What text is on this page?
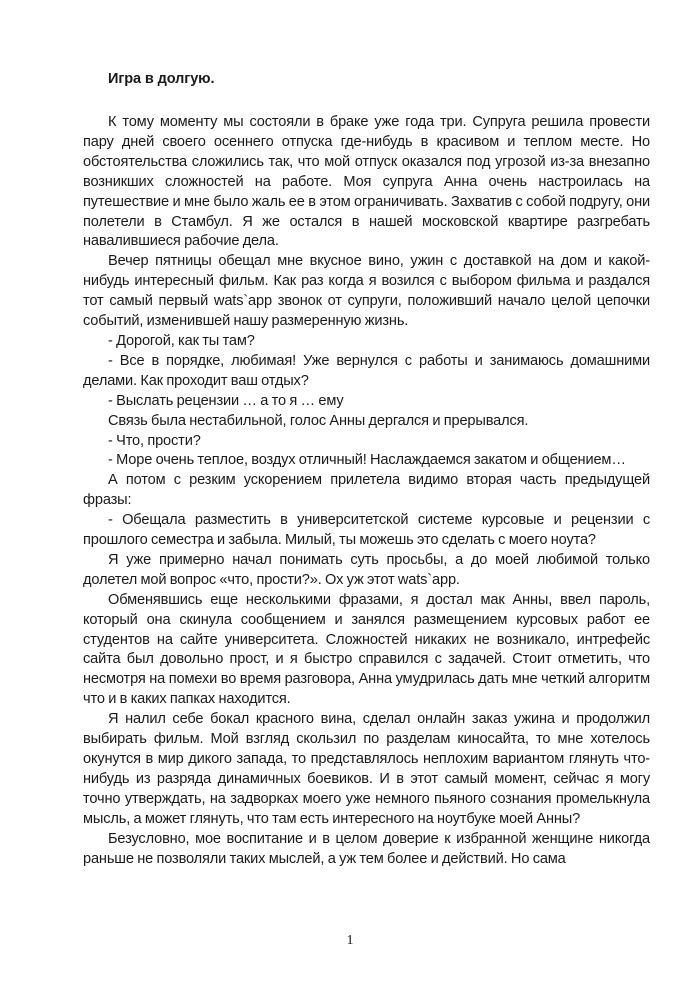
Игра в долгую.

К тому моменту мы состояли в браке уже года три. Супруга решила провести пару дней своего осеннего отпуска где-нибудь в красивом и теплом месте. Но обстоятельства сложились так, что мой отпуск оказался под угрозой из-за внезапно возникших сложностей на работе. Моя супруга Анна очень настроилась на путешествие и мне было жаль ее в этом ограничивать. Захватив с собой подругу, они полетели в Стамбул. Я же остался в нашей московской квартире разгребать навалившиеся рабочие дела.

Вечер пятницы обещал мне вкусное вино, ужин с доставкой на дом и какой-нибудь интересный фильм. Как раз когда я возился с выбором фильма и раздался тот самый первый wats`app звонок от супруги, положивший начало целой цепочки событий, изменившей нашу размеренную жизнь.

- Дорогой, как ты там?

- Все в порядке, любимая! Уже вернулся с работы и занимаюсь домашними делами. Как проходит ваш отдых?

- Выслать рецензии … а то я … ему

Связь была нестабильной, голос Анны дергался и прерывался.

- Что, прости?

- Море очень теплое, воздух отличный! Наслаждаемся закатом и общением…

А потом с резким ускорением прилетела видимо вторая часть предыдущей фразы:

- Обещала разместить в университетской системе курсовые и рецензии с прошлого семестра и забыла. Милый, ты можешь это сделать с моего ноута?

Я уже примерно начал понимать суть просьбы, а до моей любимой только долетел мой вопрос «что, прости?». Ох уж этот wats`app.

Обменявшись еще несколькими фразами, я достал мак Анны, ввел пароль, который она скинула сообщением и занялся размещением курсовых работ ее студентов на сайте университета. Сложностей никаких не возникало, интрефейс сайта был довольно прост, и я быстро справился с задачей. Стоит отметить, что несмотря на помехи во время разговора, Анна умудрилась дать мне четкий алгоритм что и в каких папках находится.

Я налил себе бокал красного вина, сделал онлайн заказ ужина и продолжил выбирать фильм. Мой взгляд скользил по разделам киносайта, то мне хотелось окунутся в мир дикого запада, то представлялось неплохим вариантом глянуть что-нибудь из разряда динамичных боевиков. И в этот самый момент, сейчас я могу точно утверждать, на задворках моего уже немного пьяного сознания промелькнула мысль, а может глянуть, что там есть интересного на ноутбуке моей Анны?

Безусловно, мое воспитание и в целом доверие к избранной женщине никогда раньше не позволяли таких мыслей, а уж тем более и действий. Но сама

1
